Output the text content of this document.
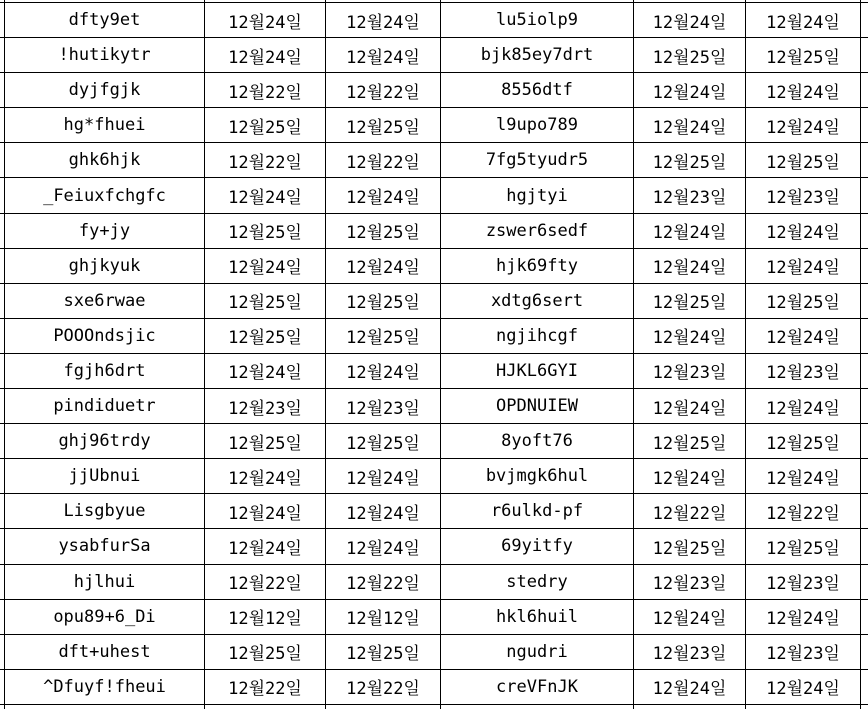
dfty9et	12월24일	12월24일	lu5iolp9	12월24일	12월24일
!hutikytr	12월24일	12월24일	bjk85ey7drt	12월25일	12월25일
dyjfgjk	12월22일	12월22일	8556dtf	12월24일	12월24일
hg*fhuei	12월25일	12월25일	l9upo789	12월24일	12월24일
ghk6hjk	12월22일	12월22일	7fg5tyudr5	12월25일	12월25일
_Feiuxfchgfc	12월24일	12월24일	hgjtyi	12월23일	12월23일
fy+jy	12월25일	12월25일	zswer6sedf	12월24일	12월24일
ghjkyuk	12월24일	12월24일	hjk69fty	12월24일	12월24일
sxe6rwae	12월25일	12월25일	xdtg6sert	12월25일	12월25일
POOOndsjic	12월25일	12월25일	ngjihcgf	12월24일	12월24일
fgjh6drt	12월24일	12월24일	HJKL6GYI	12월23일	12월23일
pindiduetr	12월23일	12월23일	OPDNUIEW	12월24일	12월24일
ghj96trdy	12월25일	12월25일	8yoft76	12월25일	12월25일
jjUbnui	12월24일	12월24일	bvjmgk6hul	12월24일	12월24일
Lisgbyue	12월24일	12월24일	r6ulkd-pf	12월22일	12월22일
ysabfurSa	12월24일	12월24일	69yitfy	12월25일	12월25일
hjlhui	12월22일	12월22일	stedry	12월23일	12월23일
opu89+6_Di	12월12일	12월12일	hkl6huil	12월24일	12월24일
dft+uhest	12월25일	12월25일	ngudri	12월23일	12월23일
^Dfuyf!fheui	12월22일	12월22일	creVFnJK	12월24일	12월24일
